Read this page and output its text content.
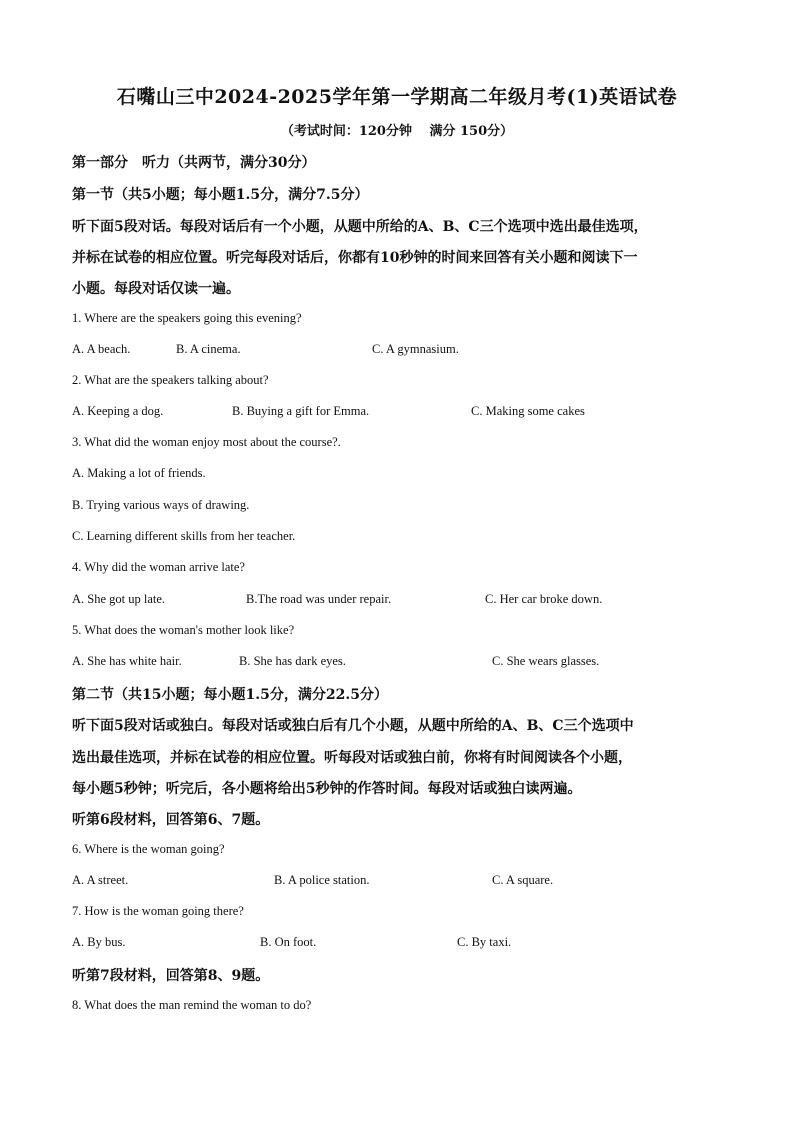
石嘴山三中2024-2025学年第一学期高二年级月考(1)英语试卷
（考试时间：120分钟　 满分 150分）
第一部分　听力（共两节，满分30分）
第一节（共5小题；每小题1.5分，满分7.5分）
听下面5段对话。每段对话后有一个小题，从题中所给的A、B、C三个选项中选出最佳选项，
并标在试卷的相应位置。听完每段对话后，你都有10秒钟的时间来回答有关小题和阅读下一
小题。每段对话仅读一遍。
1. Where are the speakers going this evening?
A. A beach.	B. A cinema.	C. A gymnasium.
2. What are the speakers talking about?
A. Keeping a dog.	B. Buying a gift for Emma.	C. Making some cakes
3. What did the woman enjoy most about the course?.
A. Making a lot of friends.
B. Trying various ways of drawing.
C. Learning different skills from her teacher.
4. Why did the woman arrive late?
A. She got up late.	B.The road was under repair.	C. Her car broke down.
5. What does the woman's mother look like?
A. She has white hair.	B. She has dark eyes.	C. She wears glasses.
第二节（共15小题；每小题1.5分，满分22.5分）
听下面5段对话或独白。每段对话或独白后有几个小题，从题中所给的A、B、C三个选项中
选出最佳选项，并标在试卷的相应位置。听每段对话或独白前，你将有时间阅读各个小题，
每小题5秒钟；听完后，各小题将给出5秒钟的作答时间。每段对话或独白读两遍。
听第6段材料，回答第6、7题。
6. Where is the woman going?
A. A street.	B. A police station.	C. A square.
7. How is the woman going there?
A. By bus.	B. On foot.	C. By taxi.
听第7段材料，回答第8、9题。
8. What does the man remind the woman to do?
